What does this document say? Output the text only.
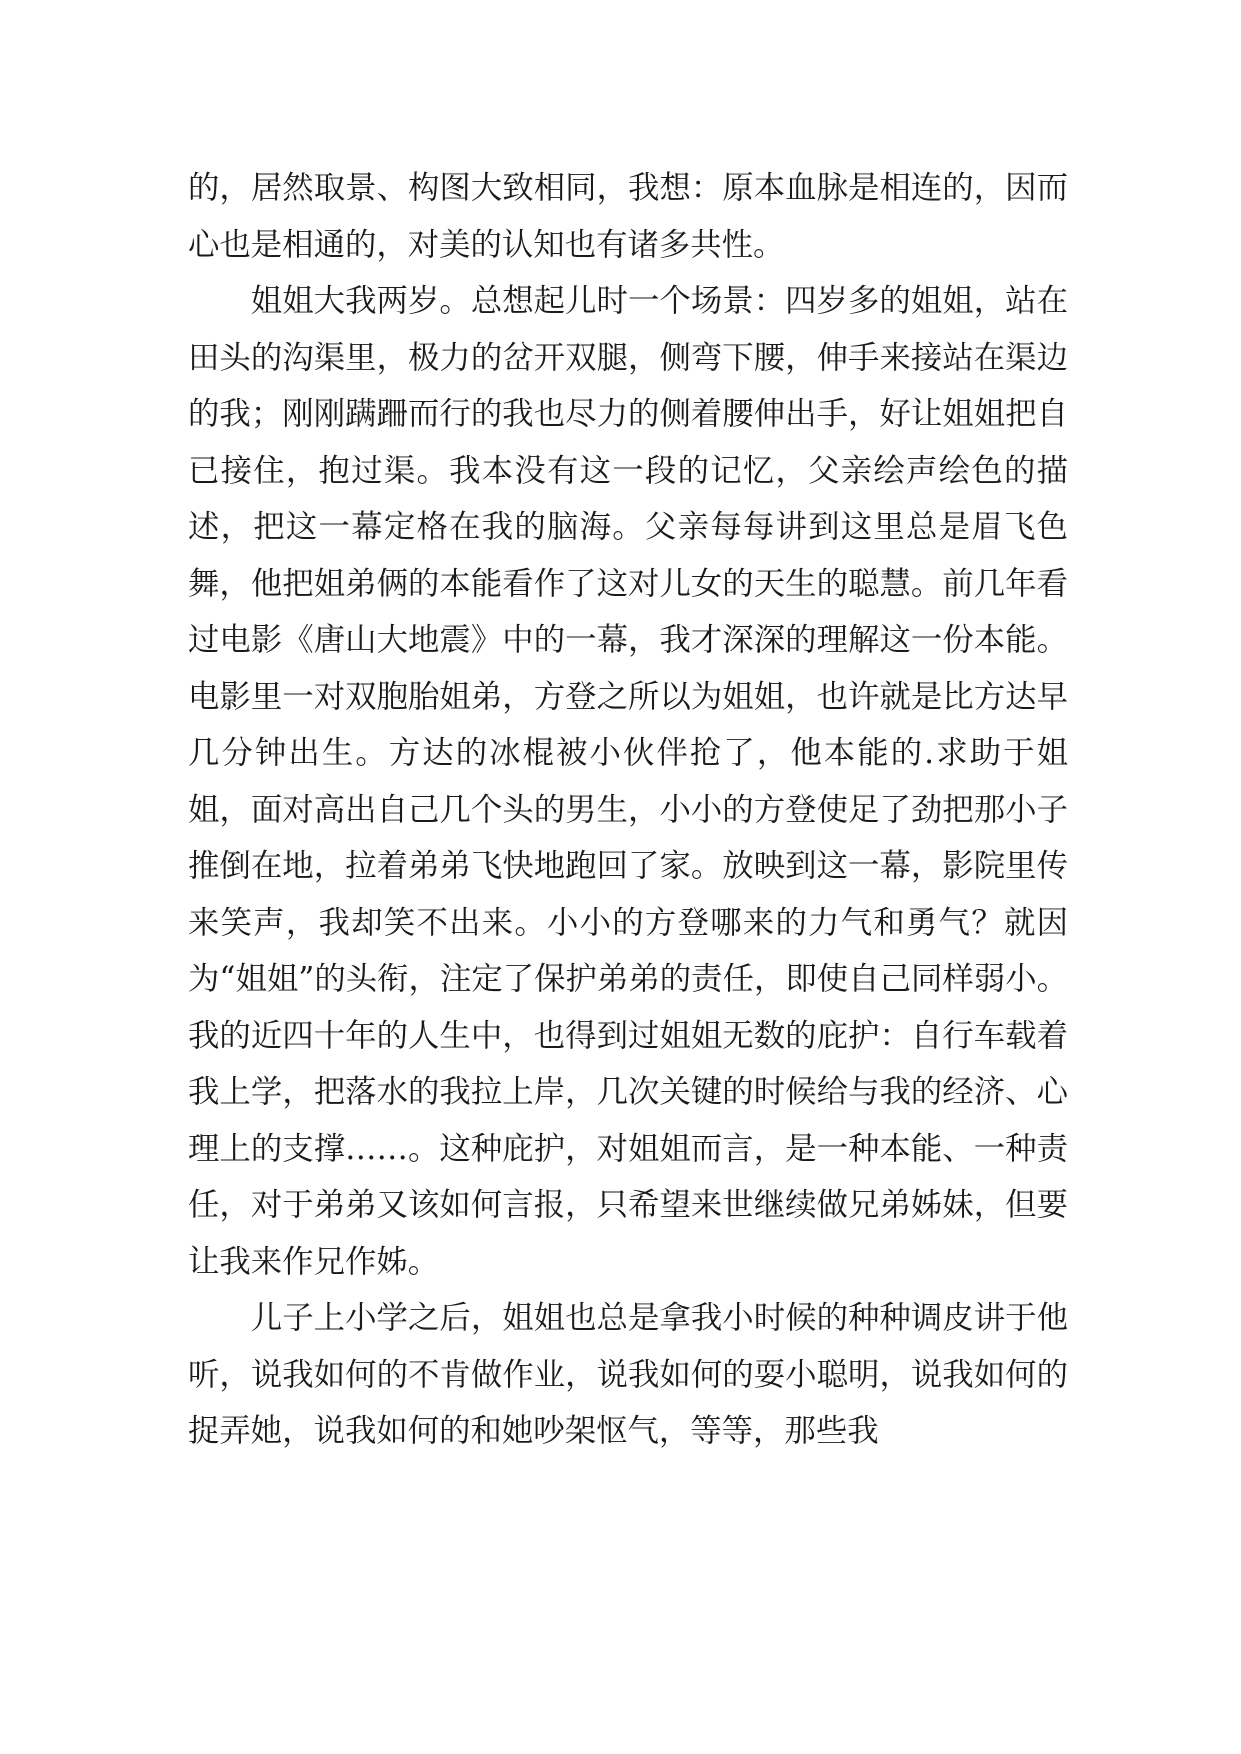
的，居然取景、构图大致相同，我想：原本血脉是相连的，因而心也是相通的，对美的认知也有诸多共性。

姐姐大我两岁。总想起儿时一个场景：四岁多的姐姐，站在田头的沟渠里，极力的岔开双腿，侧弯下腰，伸手来接站在渠边的我；刚刚蹒跚而行的我也尽力的侧着腰伸出手，好让姐姐把自已接住，抱过渠。我本没有这一段的记忆，父亲绘声绘色的描述，把这一幕定格在我的脑海。父亲每每讲到这里总是眉飞色舞，他把姐弟俩的本能看作了这对儿女的天生的聪慧。前几年看过电影《唐山大地震》中的一幕，我才深深的理解这一份本能。电影里一对双胞胎姐弟，方登之所以为姐姐，也许就是比方达早几分钟出生。方达的冰棍被小伙伴抢了，他本能的.求助于姐姐，面对高出自己几个头的男生，小小的方登使足了劲把那小子推倒在地，拉着弟弟飞快地跑回了家。放映到这一幕，影院里传来笑声，我却笑不出来。小小的方登哪来的力气和勇气？就因为“姐姐”的头衔，注定了保护弟弟的责任，即使自己同样弱小。我的近四十年的人生中，也得到过姐姐无数的庇护：自行车载着我上学，把落水的我拉上岸，几次关键的时候给与我的经济、心理上的支撑……。这种庇护，对姐姐而言，是一种本能、一种责任，对于弟弟又该如何言报，只希望来世继续做兄弟姊妹，但要让我来作兄作姊。

儿子上小学之后，姐姐也总是拿我小时候的种种调皮讲于他听，说我如何的不肯做作业，说我如何的耍小聪明，说我如何的捉弄她，说我如何的和她吵架怄气，等等，那些我
